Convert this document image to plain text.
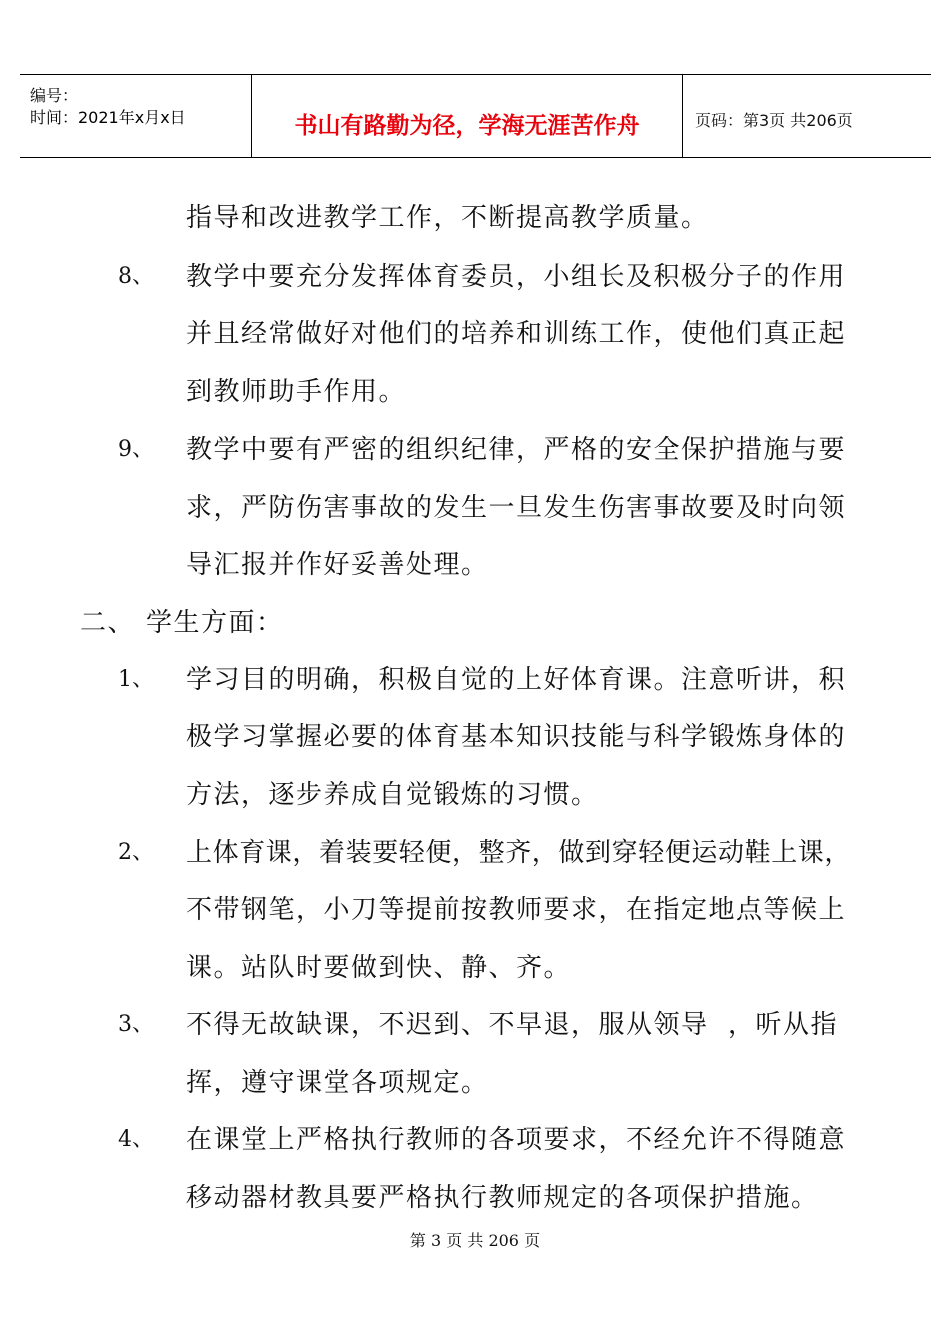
编号：
时间：2021年x月x日	书山有路勤为径，学海无涯苦作舟	页码：第3页 共206页
指导和改进教学工作，不断提高教学质量。
8、 教学中要充分发挥体育委员，小组长及积极分子的作用
并且经常做好对他们的培养和训练工作，使他们真正起
到教师助手作用。
9、 教学中要有严密的组织纪律，严格的安全保护措施与要
求，严防伤害事故的发生一旦发生伤害事故要及时向领
导汇报并作好妥善处理。
二、 学生方面：
1、 学习目的明确，积极自觉的上好体育课。注意听讲，积
极学习掌握必要的体育基本知识技能与科学锻炼身体的
方法，逐步养成自觉锻炼的习惯。
2、 上体育课，着装要轻便，整齐，做到穿轻便运动鞋上课，
不带钢笔，小刀等提前按教师要求，在指定地点等候上
课。站队时要做到快、静、齐。
3、 不得无故缺课，不迟到、不早退，服从领导  ，听从指
挥，遵守课堂各项规定。
4、 在课堂上严格执行教师的各项要求，不经允许不得随意
移动器材教具要严格执行教师规定的各项保护措施。
第 3 页 共 206 页
